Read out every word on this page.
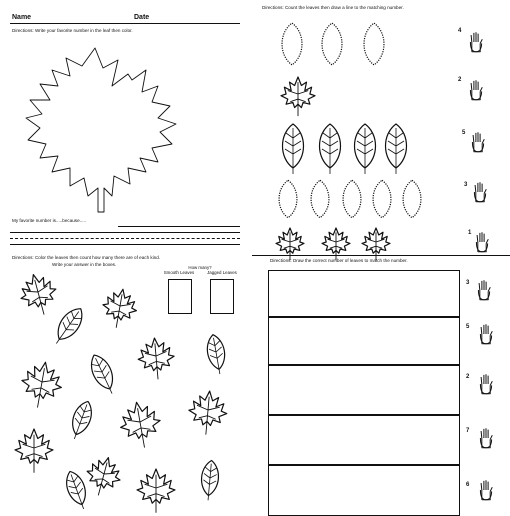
Name	Date
Directions: Write your favorite number in the leaf then color.
My favorite number is.....because.....
Directions: Color the leaves then count how many there are of each kind.
Write your answer in the boxes.
How many?
Smooth Leaves	Jagged Leaves
Directions: Count the leaves then draw a line to the matching number.
4
2
5
3
1
Directions: Draw the correct number of leaves to match the number.
3
5
2
7
6
